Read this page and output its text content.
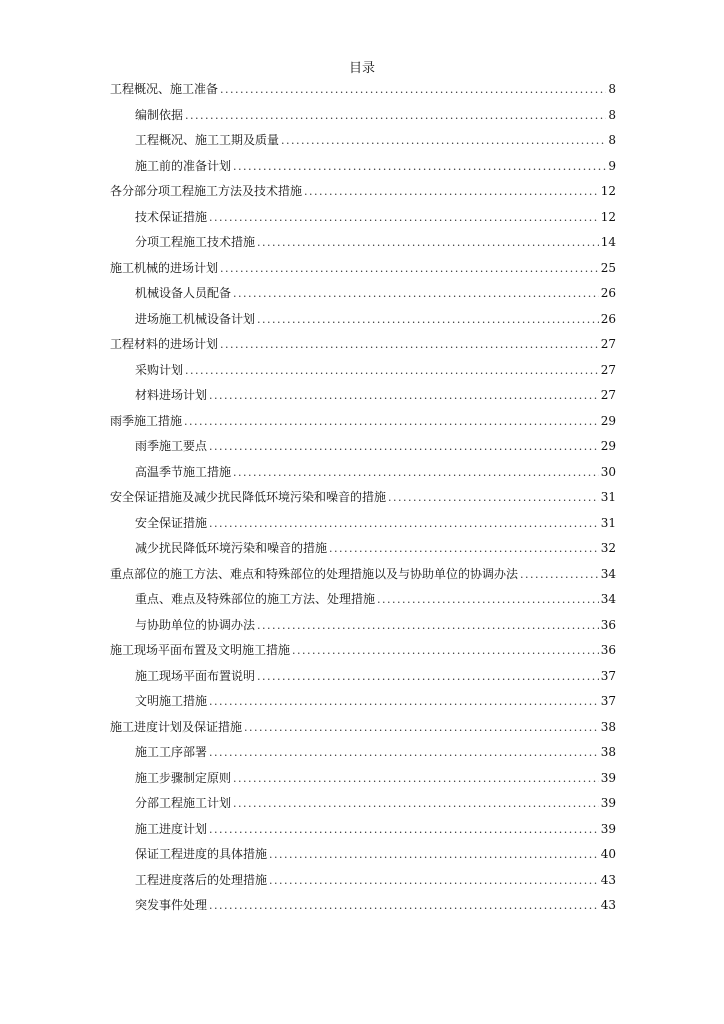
目录
工程概况、施工准备 .....	8
编制依据 .....	8
工程概况、施工工期及质量 .....	8
施工前的准备计划 .....	9
各分部分项工程施工方法及技术措施 .....	12
技术保证措施 .....	12
分项工程施工技术措施 .....	14
施工机械的进场计划 .....	25
机械设备人员配备 .....	26
进场施工机械设备计划 .....	26
工程材料的进场计划 .....	27
采购计划 .....	27
材料进场计划 .....	27
雨季施工措施 .....	29
雨季施工要点 .....	29
高温季节施工措施 .....	30
安全保证措施及减少扰民降低环境污染和噪音的措施 .....	31
安全保证措施 .....	31
减少扰民降低环境污染和噪音的措施 .....	32
重点部位的施工方法、难点和特殊部位的处理措施以及与协助单位的协调办法 .....	34
重点、难点及特殊部位的施工方法、处理措施 .....	34
与协助单位的协调办法 .....	36
施工现场平面布置及文明施工措施 .....	36
施工现场平面布置说明 .....	37
文明施工措施 .....	37
施工进度计划及保证措施 .....	38
施工工序部署 .....	38
施工步骤制定原则 .....	39
分部工程施工计划 .....	39
施工进度计划 .....	39
保证工程进度的具体措施 .....	40
工程进度落后的处理措施 .....	43
突发事件处理 .....	43
